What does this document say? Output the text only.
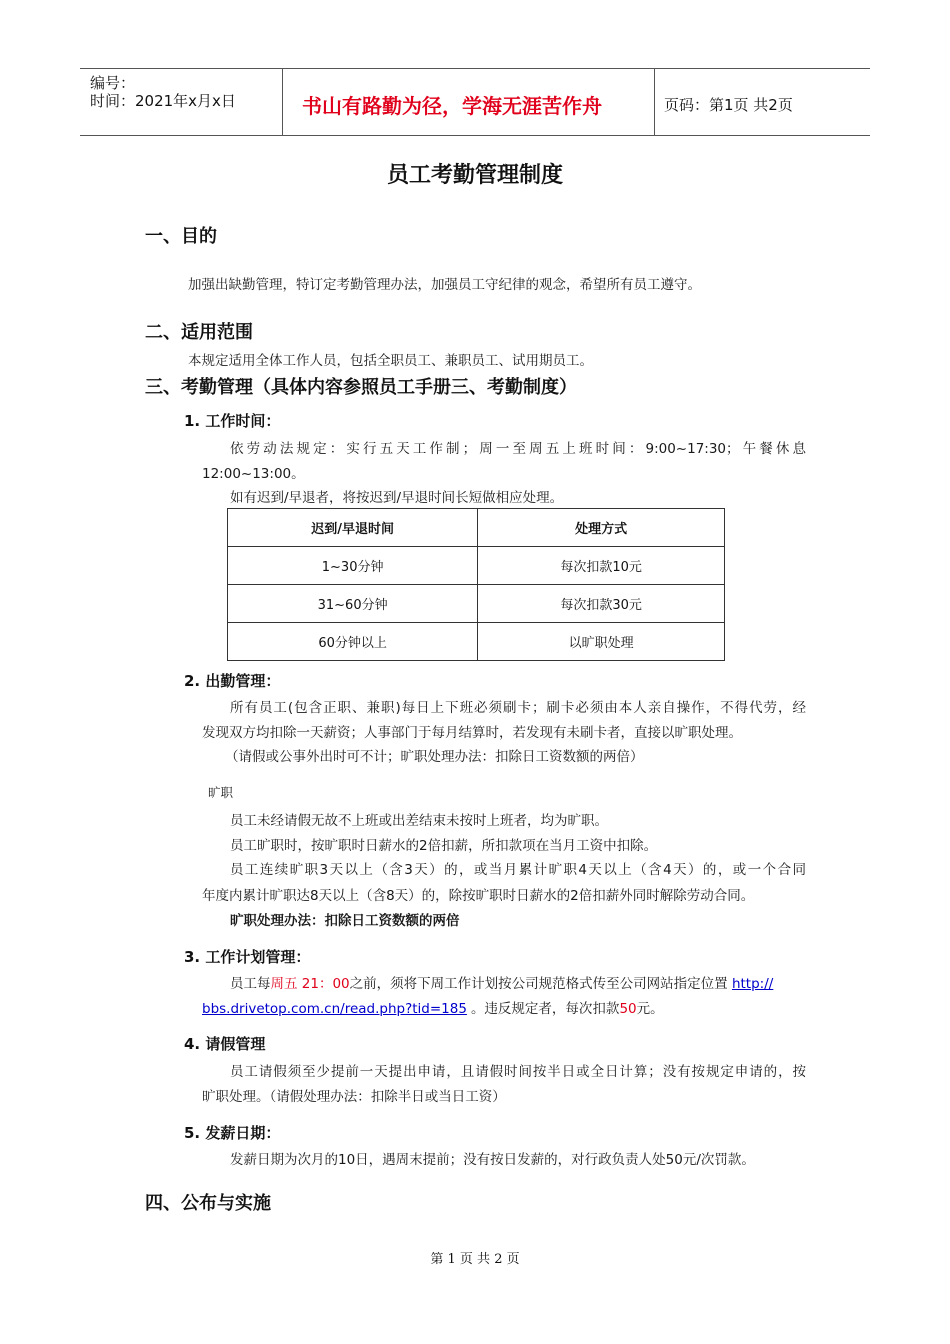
编号：
时间：2021年x月x日	书山有路勤为径，学海无涯苦作舟	页码：第1页 共2页
员工考勤管理制度
一、目的
加强出缺勤管理，特订定考勤管理办法，加强员工守纪律的观念，希望所有员工遵守。
二、适用范围
本规定适用全体工作人员，包括全职员工、兼职员工、试用期员工。
三、考勤管理（具体内容参照员工手册三、考勤制度）
1. 工作时间：
依劳动法规定：实行五天工作制；周一至周五上班时间：9:00~17:30；午餐休息
12:00~13:00。
如有迟到/早退者，将按迟到/早退时间长短做相应处理。
迟到/早退时间	处理方式
1~30分钟	每次扣款10元
31~60分钟	每次扣款30元
60分钟以上	以旷职处理
2. 出勤管理：
所有员工(包含正职、兼职)每日上下班必须刷卡；刷卡必须由本人亲自操作，不得代劳，经
发现双方均扣除一天薪资；人事部门于每月结算时，若发现有未刷卡者，直接以旷职处理。
（请假或公事外出时可不计；旷职处理办法：扣除日工资数额的两倍）
旷职
员工未经请假无故不上班或出差结束未按时上班者，均为旷职。
员工旷职时，按旷职时日薪水的2倍扣薪，所扣款项在当月工资中扣除。
员工连续旷职3天以上（含3天）的，或当月累计旷职4天以上（含4天）的，或一个合同
年度内累计旷职达8天以上（含8天）的，除按旷职时日薪水的2倍扣薪外同时解除劳动合同。
旷职处理办法：扣除日工资数额的两倍
3. 工作计划管理：
员工每周五 21：00之前，须将下周工作计划按公司规范格式传至公司网站指定位置 http://
bbs.drivetop.com.cn/read.php?tid=185 。违反规定者，每次扣款50元。
4. 请假管理
员工请假须至少提前一天提出申请，且请假时间按半日或全日计算；没有按规定申请的，按
旷职处理。（请假处理办法：扣除半日或当日工资）
5. 发薪日期：
发薪日期为次月的10日，遇周末提前；没有按日发薪的，对行政负责人处50元/次罚款。
四、公布与实施
第 1 页 共 2 页
